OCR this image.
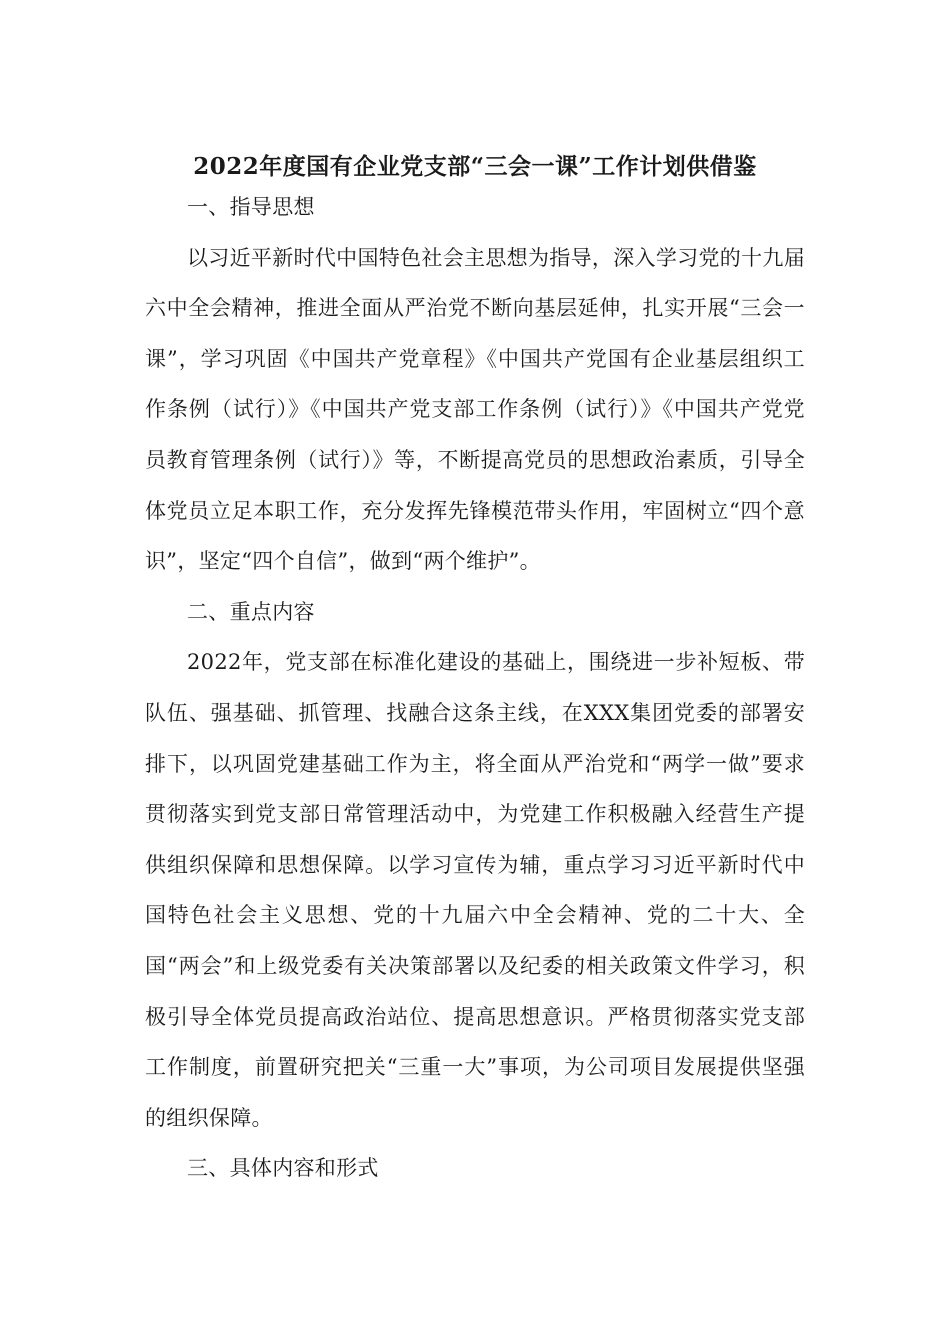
2022年度国有企业党支部“三会一课”工作计划供借鉴
一、指导思想

以习近平新时代中国特色社会主思想为指导，深入学习党的十九届六中全会精神，推进全面从严治党不断向基层延伸，扎实开展“三会一课”，学习巩固《中国共产党章程》《中国共产党国有企业基层组织工作条例（试行）》《中国共产党支部工作条例（试行）》《中国共产党党员教育管理条例（试行）》等，不断提高党员的思想政治素质，引导全体党员立足本职工作，充分发挥先锋模范带头作用，牢固树立“四个意识”，坚定“四个自信”，做到“两个维护”。

二、重点内容

2022年，党支部在标准化建设的基础上，围绕进一步补短板、带队伍、强基础、抓管理、找融合这条主线，在XXX集团党委的部署安排下，以巩固党建基础工作为主，将全面从严治党和“两学一做”要求贯彻落实到党支部日常管理活动中，为党建工作积极融入经营生产提供组织保障和思想保障。以学习宣传为辅，重点学习习近平新时代中国特色社会主义思想、党的十九届六中全会精神、党的二十大、全国“两会”和上级党委有关决策部署以及纪委的相关政策文件学习，积极引导全体党员提高政治站位、提高思想意识。严格贯彻落实党支部工作制度，前置研究把关“三重一大”事项，为公司项目发展提供坚强的组织保障。

三、具体内容和形式
